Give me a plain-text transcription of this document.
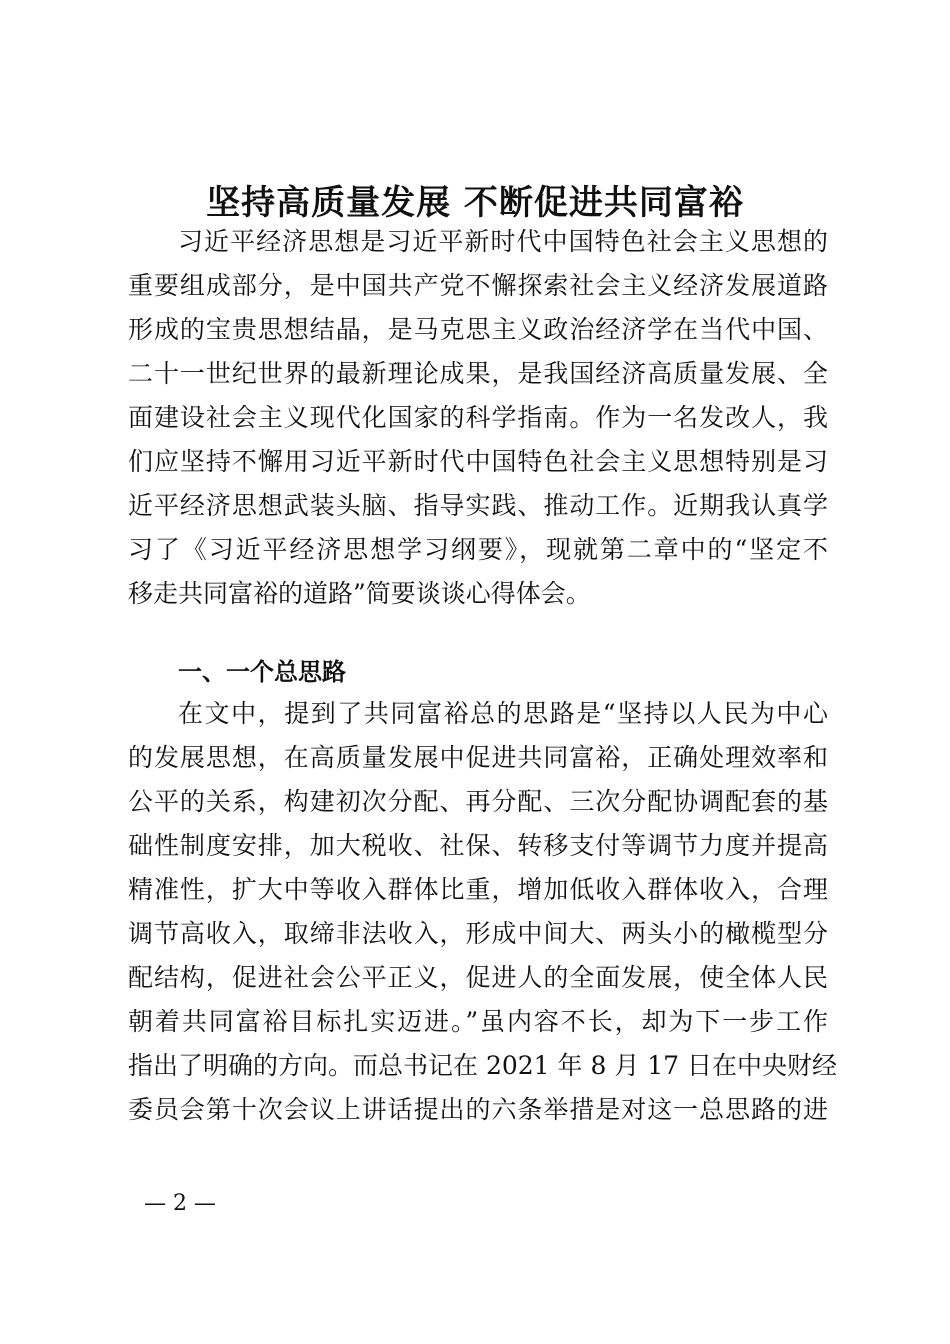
坚持高质量发展 不断促进共同富裕

习近平经济思想是习近平新时代中国特色社会主义思想的

重要组成部分，是中国共产党不懈探索社会主义经济发展道路

形成的宝贵思想结晶，是马克思主义政治经济学在当代中国、

二十一世纪世界的最新理论成果，是我国经济高质量发展、全

面建设社会主义现代化国家的科学指南。作为一名发改人，我

们应坚持不懈用习近平新时代中国特色社会主义思想特别是习

近平经济思想武装头脑、指导实践、推动工作。近期我认真学

习了《习近平经济思想学习纲要》，现就第二章中的“坚定不

移走共同富裕的道路”简要谈谈心得体会。

一、一个总思路

在文中，提到了共同富裕总的思路是“坚持以人民为中心

的发展思想，在高质量发展中促进共同富裕，正确处理效率和

公平的关系，构建初次分配、再分配、三次分配协调配套的基

础性制度安排，加大税收、社保、转移支付等调节力度并提高

精准性，扩大中等收入群体比重，增加低收入群体收入，合理

调节高收入，取缔非法收入，形成中间大、两头小的橄榄型分

配结构，促进社会公平正义，促进人的全面发展，使全体人民

朝着共同富裕目标扎实迈进。”虽内容不长，却为下一步工作

指出了明确的方向。而总书记在 2021 年 8 月 17 日在中央财经

委员会第十次会议上讲话提出的六条举措是对这一总思路的进

— 2 —
